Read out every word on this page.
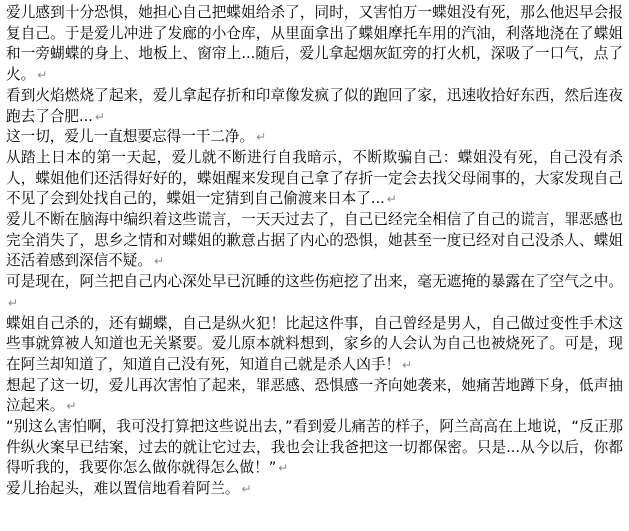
爱儿感到十分恐惧，她担心自己把蝶姐给杀了，同时，又害怕万一蝶姐没有死，那么他迟早会报复自己。于是爱儿冲进了发廊的小仓库，从里面拿出了蝶姐摩托车用的汽油，利落地浇在了蝶姐和一旁蝴蝶的身上、地板上、窗帘上...随后，爱儿拿起烟灰缸旁的打火机，深吸了一口气，点了火。 ↵

看到火焰燃烧了起来，爱儿拿起存折和印章像发疯了似的跑回了家，迅速收拾好东西，然后连夜跑去了合肥... ↵

这一切，爱儿一直想要忘得一干二净。 ↵

从踏上日本的第一天起，爱儿就不断进行自我暗示，不断欺骗自己：蝶姐没有死，自己没有杀人，蝶姐他们还活得好好的，蝶姐醒来发现自己拿了存折一定会去找父母闹事的，大家发现自己不见了会到处找自己的，蝶姐一定猜到自己偷渡来日本了... ↵

爱儿不断在脑海中编织着这些谎言，一天天过去了，自己已经完全相信了自己的谎言，罪恶感也完全消失了，思乡之情和对蝶姐的歉意占据了内心的恐惧，她甚至一度已经对自己没杀人、蝶姐还活着感到深信不疑。 ↵

可是现在，阿兰把自己内心深处早已沉睡的这些伤疤挖了出来，毫无遮掩的暴露在了空气之中。↵

蝶姐自己杀的，还有蝴蝶，自己是纵火犯！比起这件事，自己曾经是男人，自己做过变性手术这些事就算被人知道也无关紧要。爱儿原本就料想到，家乡的人会认为自己也被烧死了。可是，现在阿兰却知道了，知道自己没有死，知道自己就是杀人凶手！ ↵

想起了这一切，爱儿再次害怕了起来，罪恶感、恐惧感一齐向她袭来，她痛苦地蹲下身，低声抽泣起来。 ↵

“别这么害怕啊，我可没打算把这些说出去，”看到爱儿痛苦的样子，阿兰高高在上地说，“反正那件纵火案早已结案，过去的就让它过去，我也会让我爸把这一切都保密。只是...从今以后，你都得听我的，我要你怎么做你就得怎么做！” ↵

爱儿抬起头，难以置信地看着阿兰。 ↵
